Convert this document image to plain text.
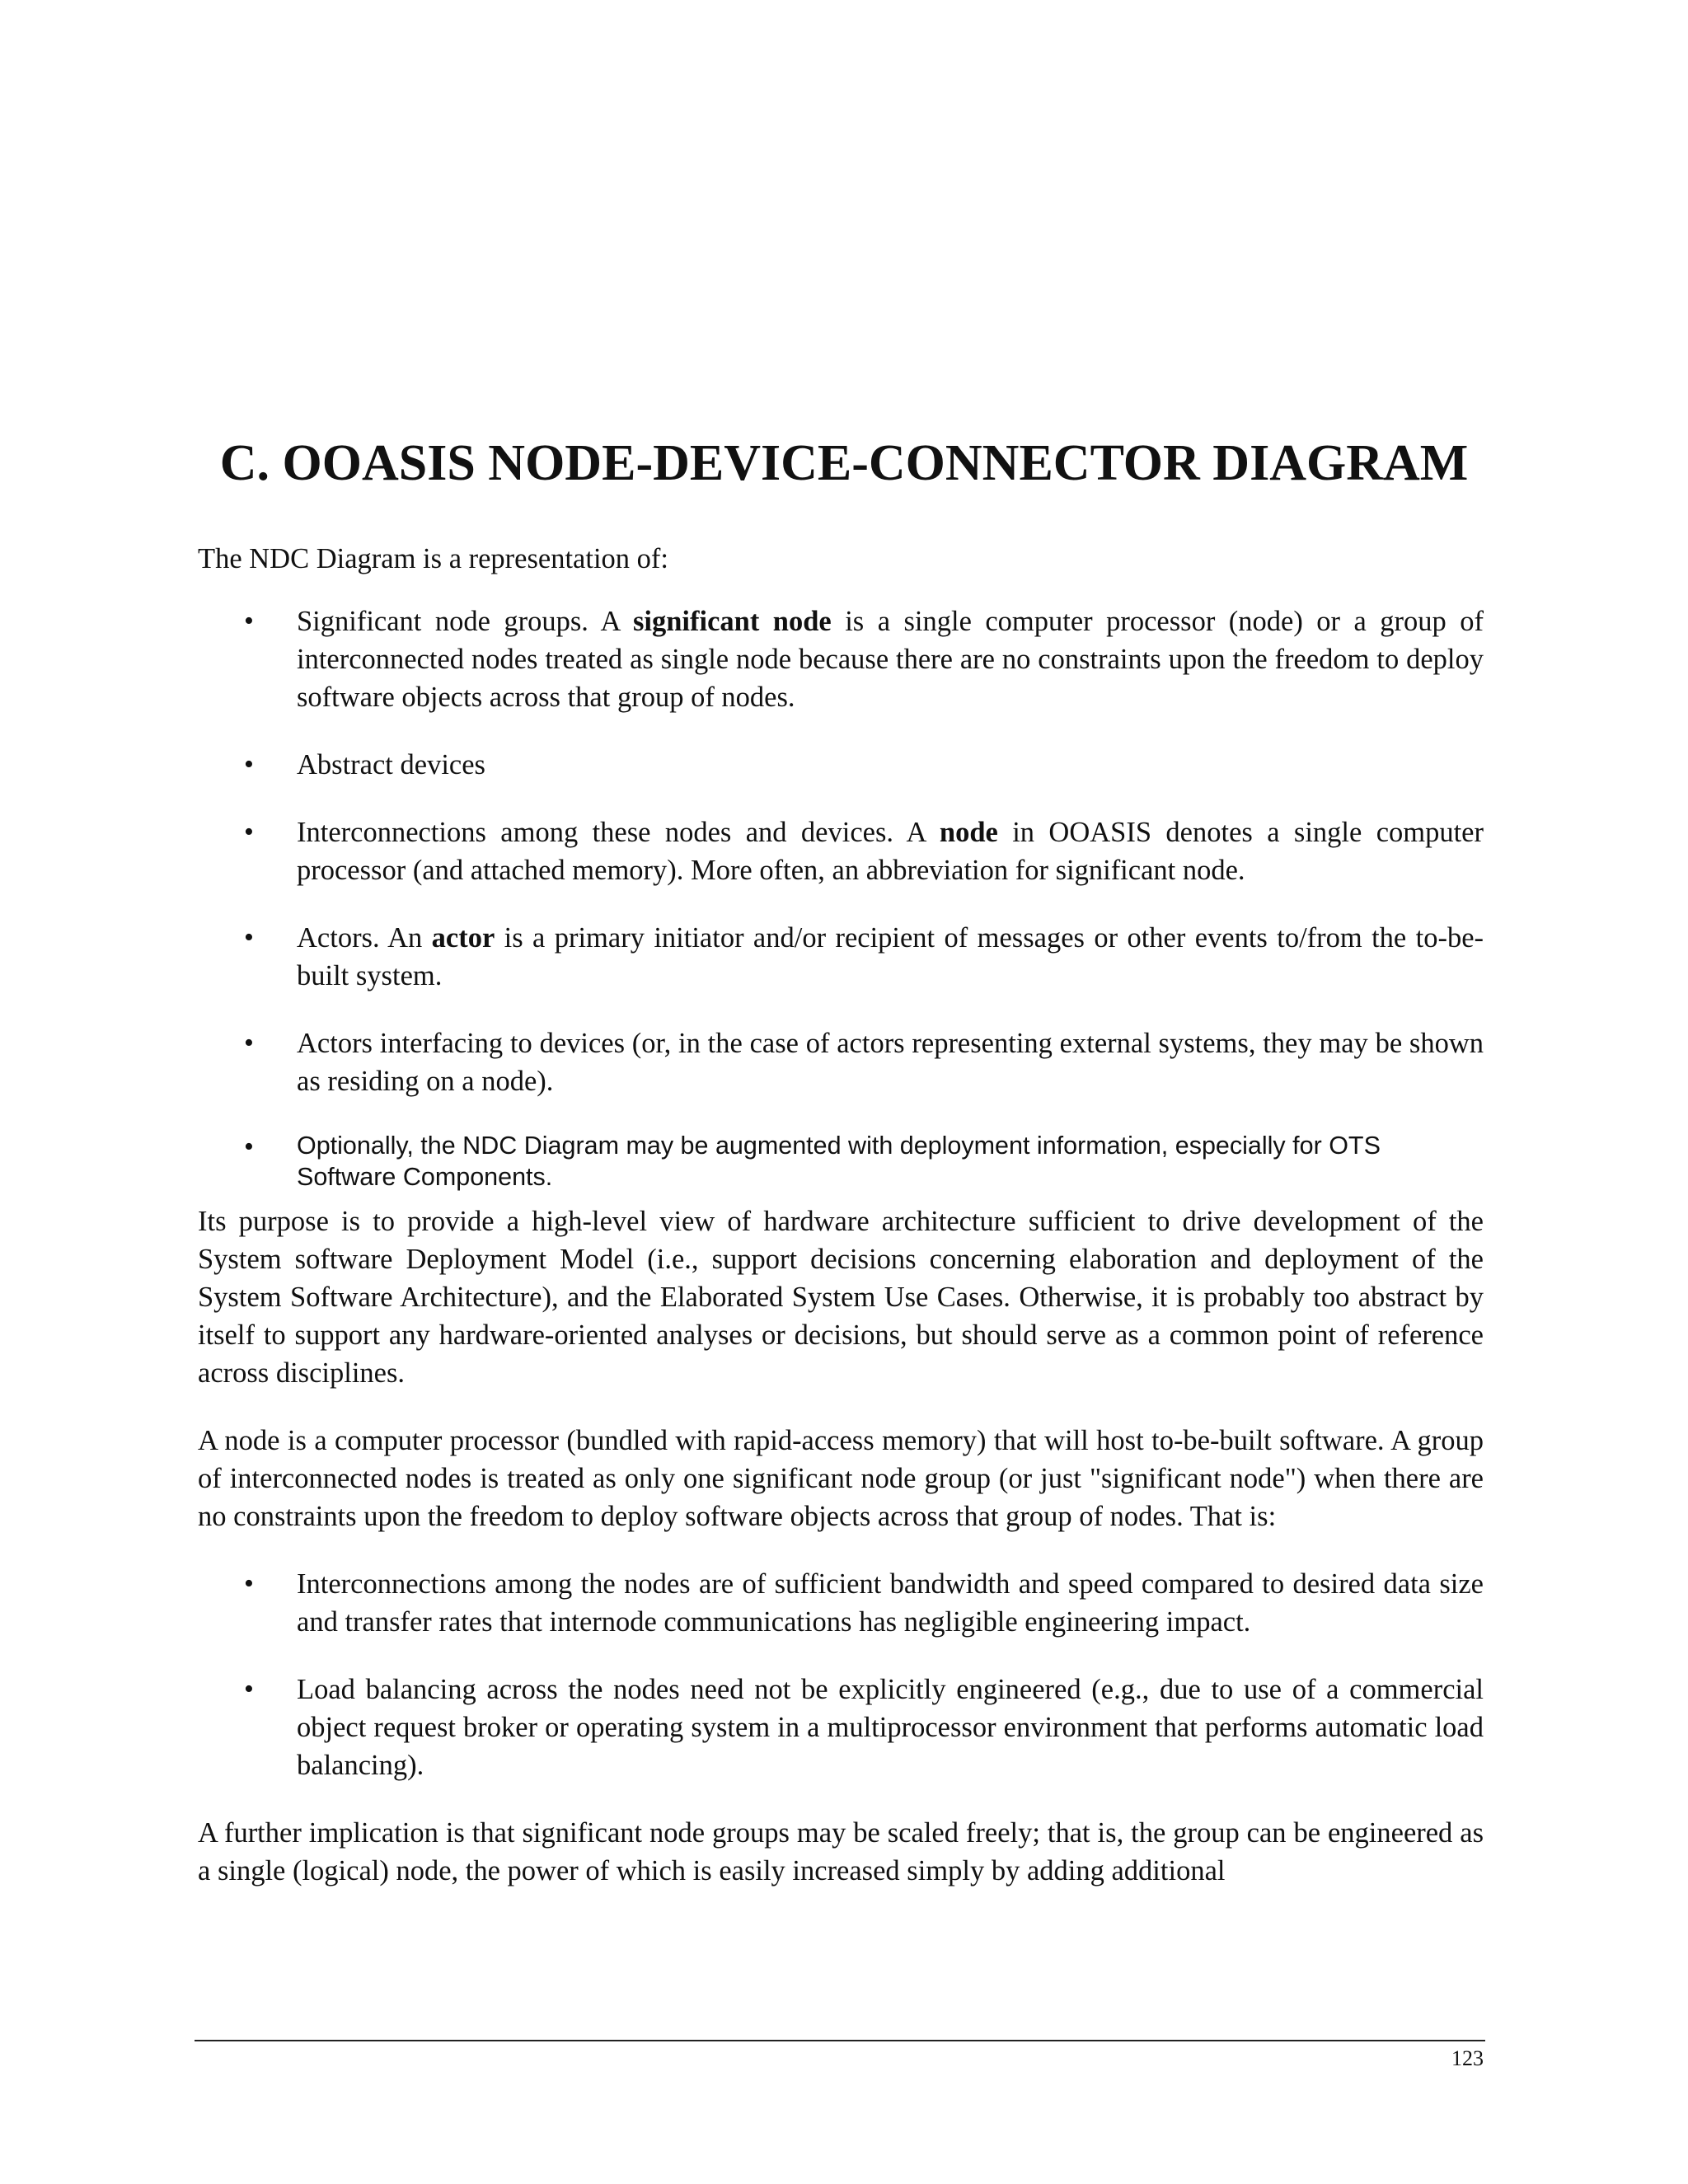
C. OOASIS NODE-DEVICE-CONNECTOR DIAGRAM

The NDC Diagram is a representation of:

• Significant node groups. A significant node is a single computer processor (node) or a group of interconnected nodes treated as single node because there are no constraints upon the freedom to deploy software objects across that group of nodes.
• Abstract devices
• Interconnections among these nodes and devices. A node in OOASIS denotes a single computer processor (and attached memory). More often, an abbreviation for significant node.
• Actors. An actor is a primary initiator and/or recipient of messages or other events to/from the to-be-built system.
• Actors interfacing to devices (or, in the case of actors representing external systems, they may be shown as residing on a node).
• Optionally, the NDC Diagram may be augmented with deployment information, especially for OTS Software Components.

Its purpose is to provide a high-level view of hardware architecture sufficient to drive development of the System software Deployment Model (i.e., support decisions concerning elaboration and deployment of the System Software Architecture), and the Elaborated System Use Cases. Otherwise, it is probably too abstract by itself to support any hardware-oriented analyses or decisions, but should serve as a common point of reference across disciplines.

A node is a computer processor (bundled with rapid-access memory) that will host to-be-built software. A group of interconnected nodes is treated as only one significant node group (or just "significant node") when there are no constraints upon the freedom to deploy software objects across that group of nodes. That is:

• Interconnections among the nodes are of sufficient bandwidth and speed compared to desired data size and transfer rates that internode communications has negligible engineering impact.
• Load balancing across the nodes need not be explicitly engineered (e.g., due to use of a commercial object request broker or operating system in a multiprocessor environment that performs automatic load balancing).

A further implication is that significant node groups may be scaled freely; that is, the group can be engineered as a single (logical) node, the power of which is easily increased simply by adding additional

123
